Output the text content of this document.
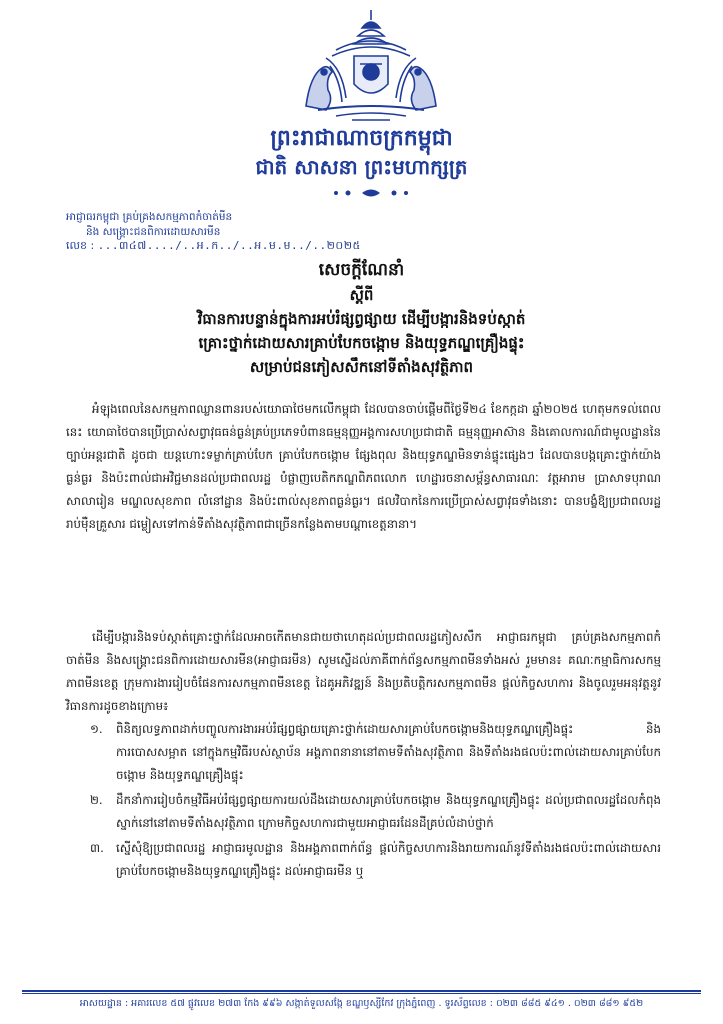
ព្រះរាជាណាចក្រកម្ពុជា
ជាតិ សាសនា ព្រះមហាក្សត្រ
អាជ្ញាធរកម្ពុជា គ្រប់គ្រងសកម្មភាពកំចាត់មីន
និង សង្គ្រោះជនពិការដោយសារមីន
លេខ : ...៣៤៧..../..អ.ក../..អ.ម.ម../..២០២៥
សេចក្តីណែនាំ
ស្តីពី
វិធានការបន្ទាន់ក្នុងការអប់រំផ្សព្វផ្សាយ ដើម្បីបង្ការនិងទប់ស្កាត់
គ្រោះថ្នាក់ដោយសារគ្រាប់បែកចង្កោម និងយុទ្ធភណ្ឌគ្រឿងផ្ទុះ
សម្រាប់ជនភៀសសឹកនៅទីតាំងសុវត្ថិភាព

អំឡុងពេលនៃសកម្មភាពឈ្លានពានរបស់យោធាថៃមកលើកម្ពុជា ដែលបានចាប់ផ្តើមពីថ្ងៃទី២៤ ខែកក្កដា ឆ្នាំ២០២៥ ហេតុមកទល់ពេលនេះ យោធាថៃបានប្រើប្រាស់សព្វាវុធធន់ធ្ងន់គ្រប់ប្រភេទបំពានធម្មនុញ្ញអង្គការសហប្រជាជាតិ ធម្មនុញ្ញអាស៊ាន និងគោលការណ៍ជាមូលដ្ឋាននៃច្បាប់អន្តរជាតិ ដូចជា យន្តហោះទម្លាក់គ្រាប់បែក គ្រាប់បែកចង្កោម ផ្សែងពុល និងយុទ្ធភណ្ឌមិនទាន់ផ្ទុះផ្សេងៗ ដែលបានបង្កគ្រោះថ្នាក់យ៉ាងធ្ងន់ធ្ងរ និងប៉ះពាល់ជាអវិជ្ជមានដល់ប្រជាពលរដ្ឋ បំផ្លាញបេតិកភណ្ឌពិភពលោក ហេដ្ឋារចនាសម្ព័ន្ធសាធារណៈ វត្តអារាម ប្រាសាទបុរាណ សាលារៀន មណ្ឌលសុខភាព លំនៅដ្ឋាន និងប៉ះពាល់សុខភាពធ្ងន់ធ្ងរ។ ផលវិបាកនៃការប្រើប្រាស់សព្វាវុធទាំងនោះ បានបង្ខំឱ្យប្រជាពលរដ្ឋរាប់ម៉ឺនគ្រួសារ ជម្លៀសទៅកាន់ទីតាំងសុវត្ថិភាពជាច្រើនកន្លែងតាមបណ្តាខេត្តនានា។

ដើម្បីបង្ការនិងទប់ស្កាត់គ្រោះថ្នាក់ដែលអាចកើតមានជាយថាហេតុដល់ប្រជាពលរដ្ឋភៀសសឹក អាជ្ញាធរកម្ពុជា គ្រប់គ្រងសកម្មភាពកំចាត់មីន និងសង្គ្រោះជនពិការដោយសារមីន(អាជ្ញាធរមីន) សូមស្នើដល់ភាគីពាក់ព័ន្ធសកម្មភាពមីនទាំងអស់ រួមមាន៖ គណៈកម្មាធិការសកម្មភាពមីនខេត្ត ក្រុមការងាររៀបចំផែនការសកម្មភាពមីនខេត្ត ដៃគូអភិវឌ្ឍន៍ និងប្រតិបត្តិករសកម្មភាពមីន ផ្តល់កិច្ចសហការ និងចូលរួមអនុវត្តនូវវិធានការដូចខាងក្រោម៖

១. ពិនិត្យលទ្ធភាពដាក់បញ្ចូលការងារអប់រំផ្សព្វផ្សាយគ្រោះថ្នាក់ដោយសារគ្រាប់បែកចង្កោមនិងយុទ្ធភណ្ឌគ្រឿងផ្ទុះ និងការបោសសម្អាត នៅក្នុងកម្មវិធីរបស់ស្ថាប័ន អង្គភាពនានានៅតាមទីតាំងសុវត្ថិភាព និងទីតាំងរងផលប៉ះពាល់ដោយសារគ្រាប់បែកចង្កោម និងយុទ្ធភណ្ឌគ្រឿងផ្ទុះ
២. ដឹកនាំការរៀបចំកម្មវិធីអប់រំផ្សព្វផ្សាយការយល់ដឹងដោយសារគ្រាប់បែកចង្កោម និងយុទ្ធភណ្ឌគ្រឿងផ្ទុះ ដល់ប្រជាពលរដ្ឋដែលកំពុងស្នាក់នៅនៅតាមទីតាំងសុវត្ថិភាព ក្រោមកិច្ចសហការជាមួយអាជ្ញាធរដែនដីគ្រប់លំដាប់ថ្នាក់
៣. ស្នើសុំឱ្យប្រជាពលរដ្ឋ អាជ្ញាធរមូលដ្ឋាន និងអង្គភាពពាក់ព័ន្ធ ផ្តល់កិច្ចសហការនិងរាយការណ៍នូវទីតាំងរងផលប៉ះពាល់ដោយសារគ្រាប់បែកចង្កោមនិងយុទ្ធភណ្ឌគ្រឿងផ្ទុះ ដល់អាជ្ញាធរមីន ឬ
អាសយដ្ឋាន : អគារលេខ ៥៧ ផ្លូវលេខ ២៧៣ កែង ៩៩៦ សង្កាត់ទួលសង្កែ ខណ្ឌឫស្សីកែវ ក្រុងភ្នំពេញ . ទូរស័ព្ទលេខ : ០២៣ ៨៨៥ ៩៤១ . ០២៣ ៨៨១ ៩៥២
